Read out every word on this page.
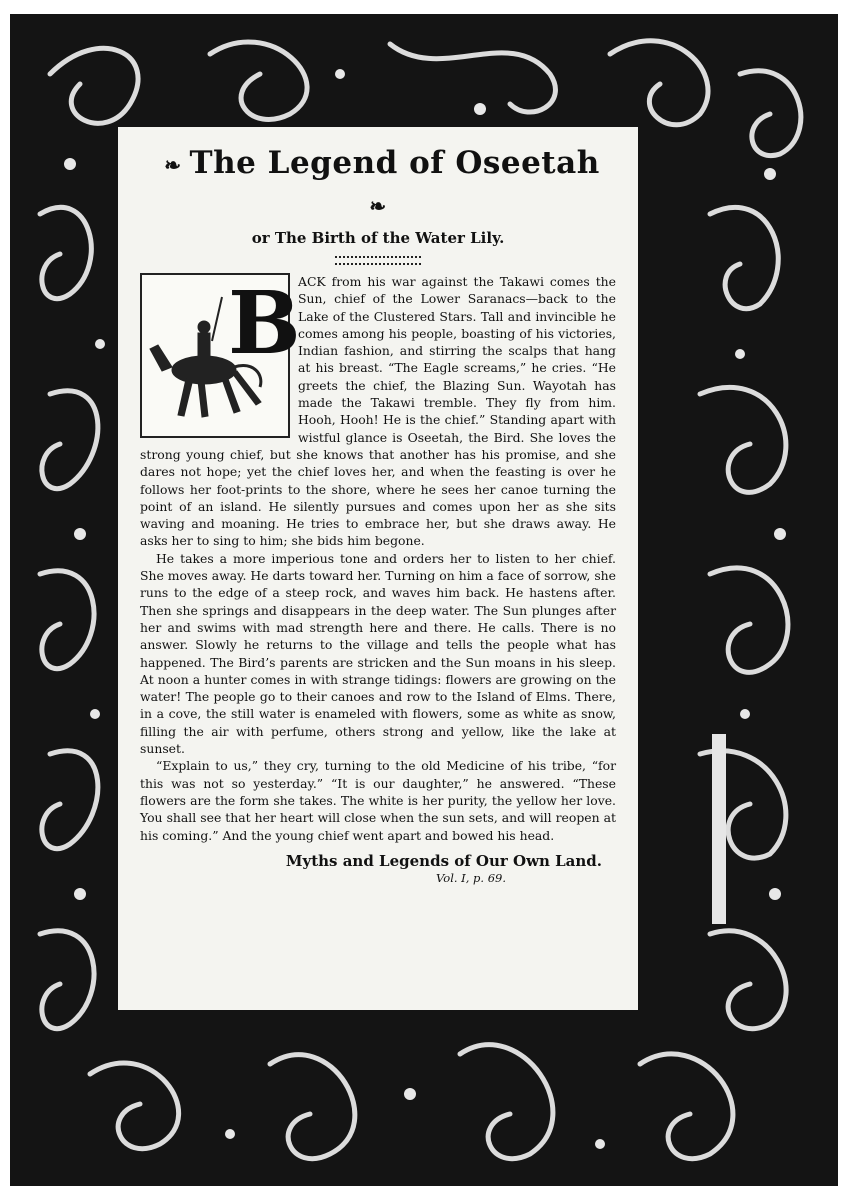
❧ The Legend of Oseetah❧
or The Birth of the Water Lily.
B

ACK from his war against the Takawi comes the Sun, chief of the Lower Saranacs—back to the Lake of the Clustered Stars. Tall and invincible he comes among his people, boasting of his victories, Indian fashion, and stirring the scalps that hang at his breast. “The Eagle screams,” he cries. “He greets the chief, the Blazing Sun. Wayotah has made the Takawi tremble. They fly from him. Hooh, Hooh! He is the chief.” Standing apart with wistful glance is Oseetah, the Bird. She loves the strong young chief, but she knows that another has his promise, and she dares not hope; yet the chief loves her, and when the feasting is over he follows her foot-prints to the shore, where he sees her canoe turning the point of an island. He silently pursues and comes upon her as she sits waving and moaning. He tries to embrace her, but she draws away. He asks her to sing to him; she bids him begone.

He takes a more imperious tone and orders her to listen to her chief. She moves away. He darts toward her. Turning on him a face of sorrow, she runs to the edge of a steep rock, and waves him back. He hastens after. Then she springs and disappears in the deep water. The Sun plunges after her and swims with mad strength here and there. He calls. There is no answer. Slowly he returns to the village and tells the people what has happened. The Bird’s parents are stricken and the Sun moans in his sleep. At noon a hunter comes in with strange tidings: flowers are growing on the water! The people go to their canoes and row to the Island of Elms. There, in a cove, the still water is enameled with flowers, some as white as snow, filling the air with perfume, others strong and yellow, like the lake at sunset.

“Explain to us,” they cry, turning to the old Medicine of his tribe, “for this was not so yesterday.” “It is our daughter,” he answered. “These flowers are the form she takes. The white is her purity, the yellow her love. You shall see that her heart will close when the sun sets, and will reopen at his coming.” And the young chief went apart and bowed his head.

Myths and Legends of Our Own Land.
Vol. I, p. 69.
